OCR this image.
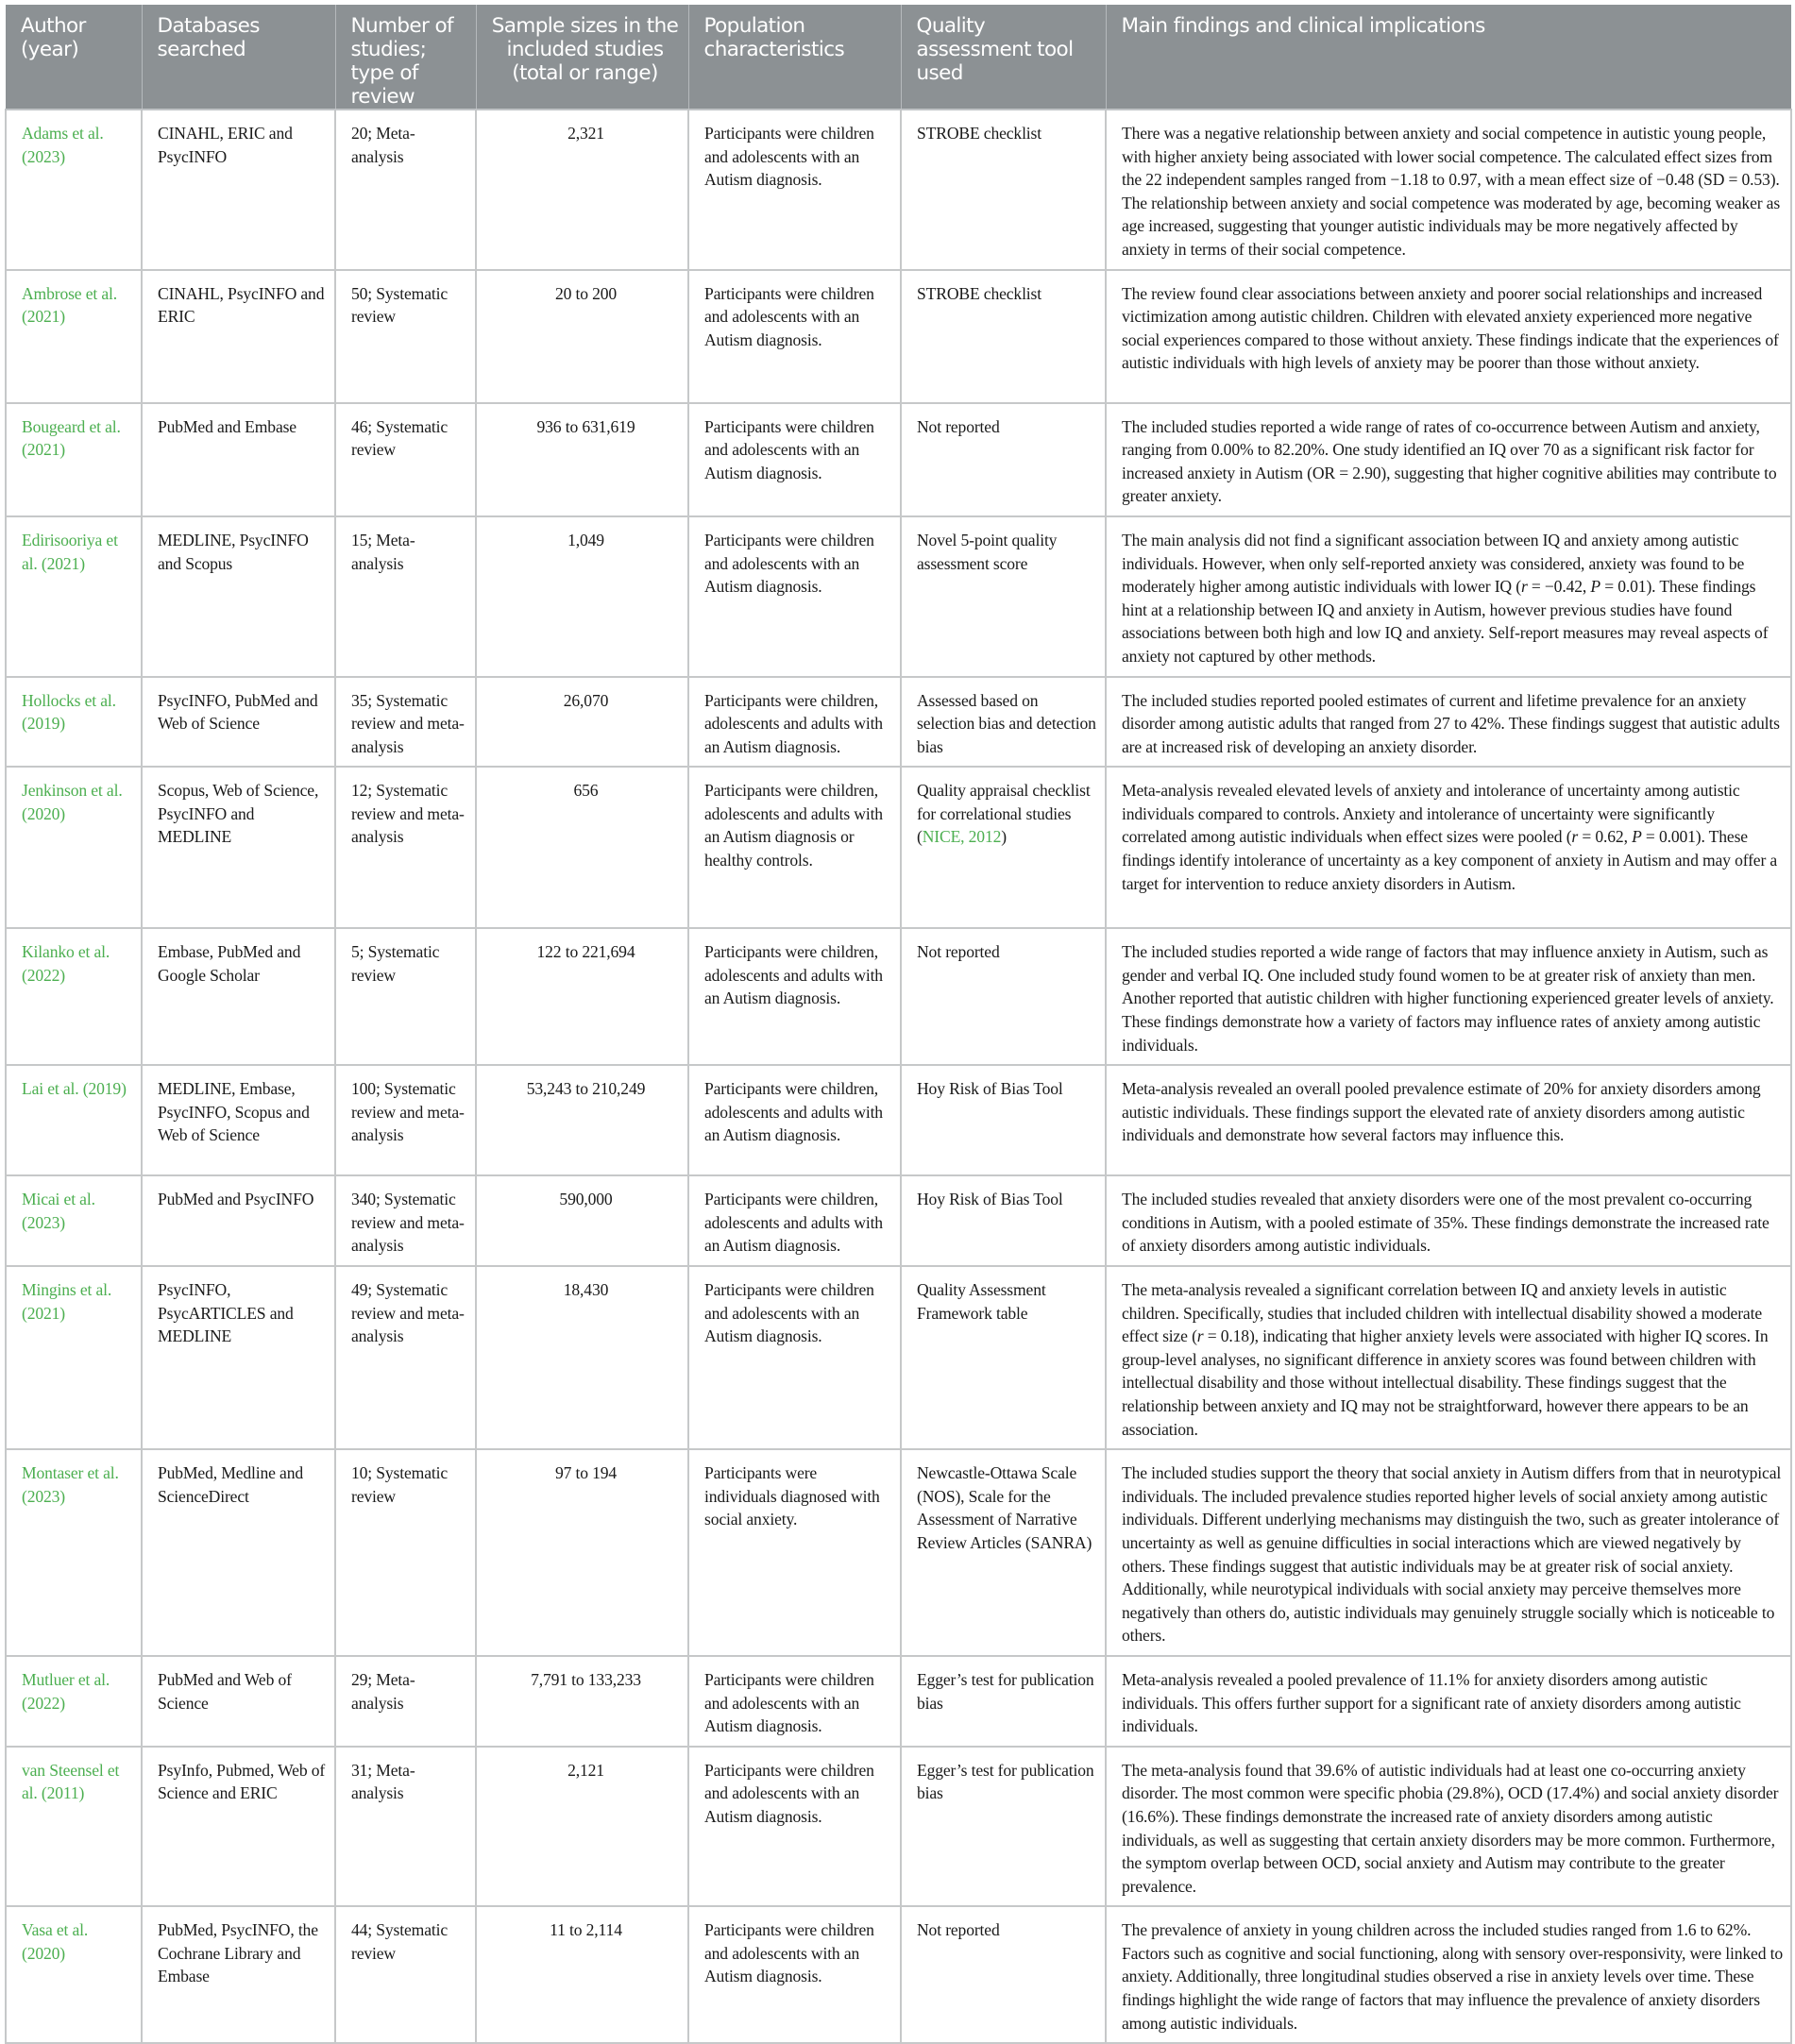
Author (year)	Databases searched	Number of studies; type of review	Sample sizes in the included studies (total or range)	Population characteristics	Quality assessment tool used	Main findings and clinical implications
Adams et al. (2023)	CINAHL, ERIC and PsycINFO	20; Meta-analysis	2,321	Participants were children and adolescents with an Autism diagnosis.	STROBE checklist	There was a negative relationship between anxiety and social competence in autistic young people, with higher anxiety being associated with lower social competence. The calculated effect sizes from the 22 independent samples ranged from −1.18 to 0.97, with a mean effect size of −0.48 (SD = 0.53). The relationship between anxiety and social competence was moderated by age, becoming weaker as age increased, suggesting that younger autistic individuals may be more negatively affected by anxiety in terms of their social competence.
Ambrose et al. (2021)	CINAHL, PsycINFO and ERIC	50; Systematic review	20 to 200	Participants were children and adolescents with an Autism diagnosis.	STROBE checklist	The review found clear associations between anxiety and poorer social relationships and increased victimization among autistic children. Children with elevated anxiety experienced more negative social experiences compared to those without anxiety. These findings indicate that the experiences of autistic individuals with high levels of anxiety may be poorer than those without anxiety.
Bougeard et al. (2021)	PubMed and Embase	46; Systematic review	936 to 631,619	Participants were children and adolescents with an Autism diagnosis.	Not reported	The included studies reported a wide range of rates of co-occurrence between Autism and anxiety, ranging from 0.00% to 82.20%. One study identified an IQ over 70 as a significant risk factor for increased anxiety in Autism (OR = 2.90), suggesting that higher cognitive abilities may contribute to greater anxiety.
Edirisooriya et al. (2021)	MEDLINE, PsycINFO and Scopus	15; Meta-analysis	1,049	Participants were children and adolescents with an Autism diagnosis.	Novel 5-point quality assessment score	The main analysis did not find a significant association between IQ and anxiety among autistic individuals. However, when only self-reported anxiety was considered, anxiety was found to be moderately higher among autistic individuals with lower IQ (r = −0.42, P = 0.01). These findings hint at a relationship between IQ and anxiety in Autism, however previous studies have found associations between both high and low IQ and anxiety. Self-report measures may reveal aspects of anxiety not captured by other methods.
Hollocks et al. (2019)	PsycINFO, PubMed and Web of Science	35; Systematic review and meta-analysis	26,070	Participants were children, adolescents and adults with an Autism diagnosis.	Assessed based on selection bias and detection bias	The included studies reported pooled estimates of current and lifetime prevalence for an anxiety disorder among autistic adults that ranged from 27 to 42%. These findings suggest that autistic adults are at increased risk of developing an anxiety disorder.
Jenkinson et al. (2020)	Scopus, Web of Science, PsycINFO and MEDLINE	12; Systematic review and meta-analysis	656	Participants were children, adolescents and adults with an Autism diagnosis or healthy controls.	Quality appraisal checklist for correlational studies (NICE, 2012)	Meta-analysis revealed elevated levels of anxiety and intolerance of uncertainty among autistic individuals compared to controls. Anxiety and intolerance of uncertainty were significantly correlated among autistic individuals when effect sizes were pooled (r = 0.62, P = 0.001). These findings identify intolerance of uncertainty as a key component of anxiety in Autism and may offer a target for intervention to reduce anxiety disorders in Autism.
Kilanko et al. (2022)	Embase, PubMed and Google Scholar	5; Systematic review	122 to 221,694	Participants were children, adolescents and adults with an Autism diagnosis.	Not reported	The included studies reported a wide range of factors that may influence anxiety in Autism, such as gender and verbal IQ. One included study found women to be at greater risk of anxiety than men. Another reported that autistic children with higher functioning experienced greater levels of anxiety. These findings demonstrate how a variety of factors may influence rates of anxiety among autistic individuals.
Lai et al. (2019)	MEDLINE, Embase, PsycINFO, Scopus and Web of Science	100; Systematic review and meta-analysis	53,243 to 210,249	Participants were children, adolescents and adults with an Autism diagnosis.	Hoy Risk of Bias Tool	Meta-analysis revealed an overall pooled prevalence estimate of 20% for anxiety disorders among autistic individuals. These findings support the elevated rate of anxiety disorders among autistic individuals and demonstrate how several factors may influence this.
Micai et al. (2023)	PubMed and PsycINFO	340; Systematic review and meta-analysis	590,000	Participants were children, adolescents and adults with an Autism diagnosis.	Hoy Risk of Bias Tool	The included studies revealed that anxiety disorders were one of the most prevalent co-occurring conditions in Autism, with a pooled estimate of 35%. These findings demonstrate the increased rate of anxiety disorders among autistic individuals.
Mingins et al. (2021)	PsycINFO, PsycARTICLES and MEDLINE	49; Systematic review and meta-analysis	18,430	Participants were children and adolescents with an Autism diagnosis.	Quality Assessment Framework table	The meta-analysis revealed a significant correlation between IQ and anxiety levels in autistic children. Specifically, studies that included children with intellectual disability showed a moderate effect size (r = 0.18), indicating that higher anxiety levels were associated with higher IQ scores. In group-level analyses, no significant difference in anxiety scores was found between children with intellectual disability and those without intellectual disability. These findings suggest that the relationship between anxiety and IQ may not be straightforward, however there appears to be an association.
Montaser et al. (2023)	PubMed, Medline and ScienceDirect	10; Systematic review	97 to 194	Participants were individuals diagnosed with social anxiety.	Newcastle-Ottawa Scale (NOS), Scale for the Assessment of Narrative Review Articles (SANRA)	The included studies support the theory that social anxiety in Autism differs from that in neurotypical individuals. The included prevalence studies reported higher levels of social anxiety among autistic individuals. Different underlying mechanisms may distinguish the two, such as greater intolerance of uncertainty as well as genuine difficulties in social interactions which are viewed negatively by others. These findings suggest that autistic individuals may be at greater risk of social anxiety. Additionally, while neurotypical individuals with social anxiety may perceive themselves more negatively than others do, autistic individuals may genuinely struggle socially which is noticeable to others.
Mutluer et al. (2022)	PubMed and Web of Science	29; Meta-analysis	7,791 to 133,233	Participants were children and adolescents with an Autism diagnosis.	Egger’s test for publication bias	Meta-analysis revealed a pooled prevalence of 11.1% for anxiety disorders among autistic individuals. This offers further support for a significant rate of anxiety disorders among autistic individuals.
van Steensel et al. (2011)	PsyInfo, Pubmed, Web of Science and ERIC	31; Meta-analysis	2,121	Participants were children and adolescents with an Autism diagnosis.	Egger’s test for publication bias	The meta-analysis found that 39.6% of autistic individuals had at least one co-occurring anxiety disorder. The most common were specific phobia (29.8%), OCD (17.4%) and social anxiety disorder (16.6%). These findings demonstrate the increased rate of anxiety disorders among autistic individuals, as well as suggesting that certain anxiety disorders may be more common. Furthermore, the symptom overlap between OCD, social anxiety and Autism may contribute to the greater prevalence.
Vasa et al. (2020)	PubMed, PsycINFO, the Cochrane Library and Embase	44; Systematic review	11 to 2,114	Participants were children and adolescents with an Autism diagnosis.	Not reported	The prevalence of anxiety in young children across the included studies ranged from 1.6 to 62%. Factors such as cognitive and social functioning, along with sensory over-responsivity, were linked to anxiety. Additionally, three longitudinal studies observed a rise in anxiety levels over time. These findings highlight the wide range of factors that may influence the prevalence of anxiety disorders among autistic individuals.
